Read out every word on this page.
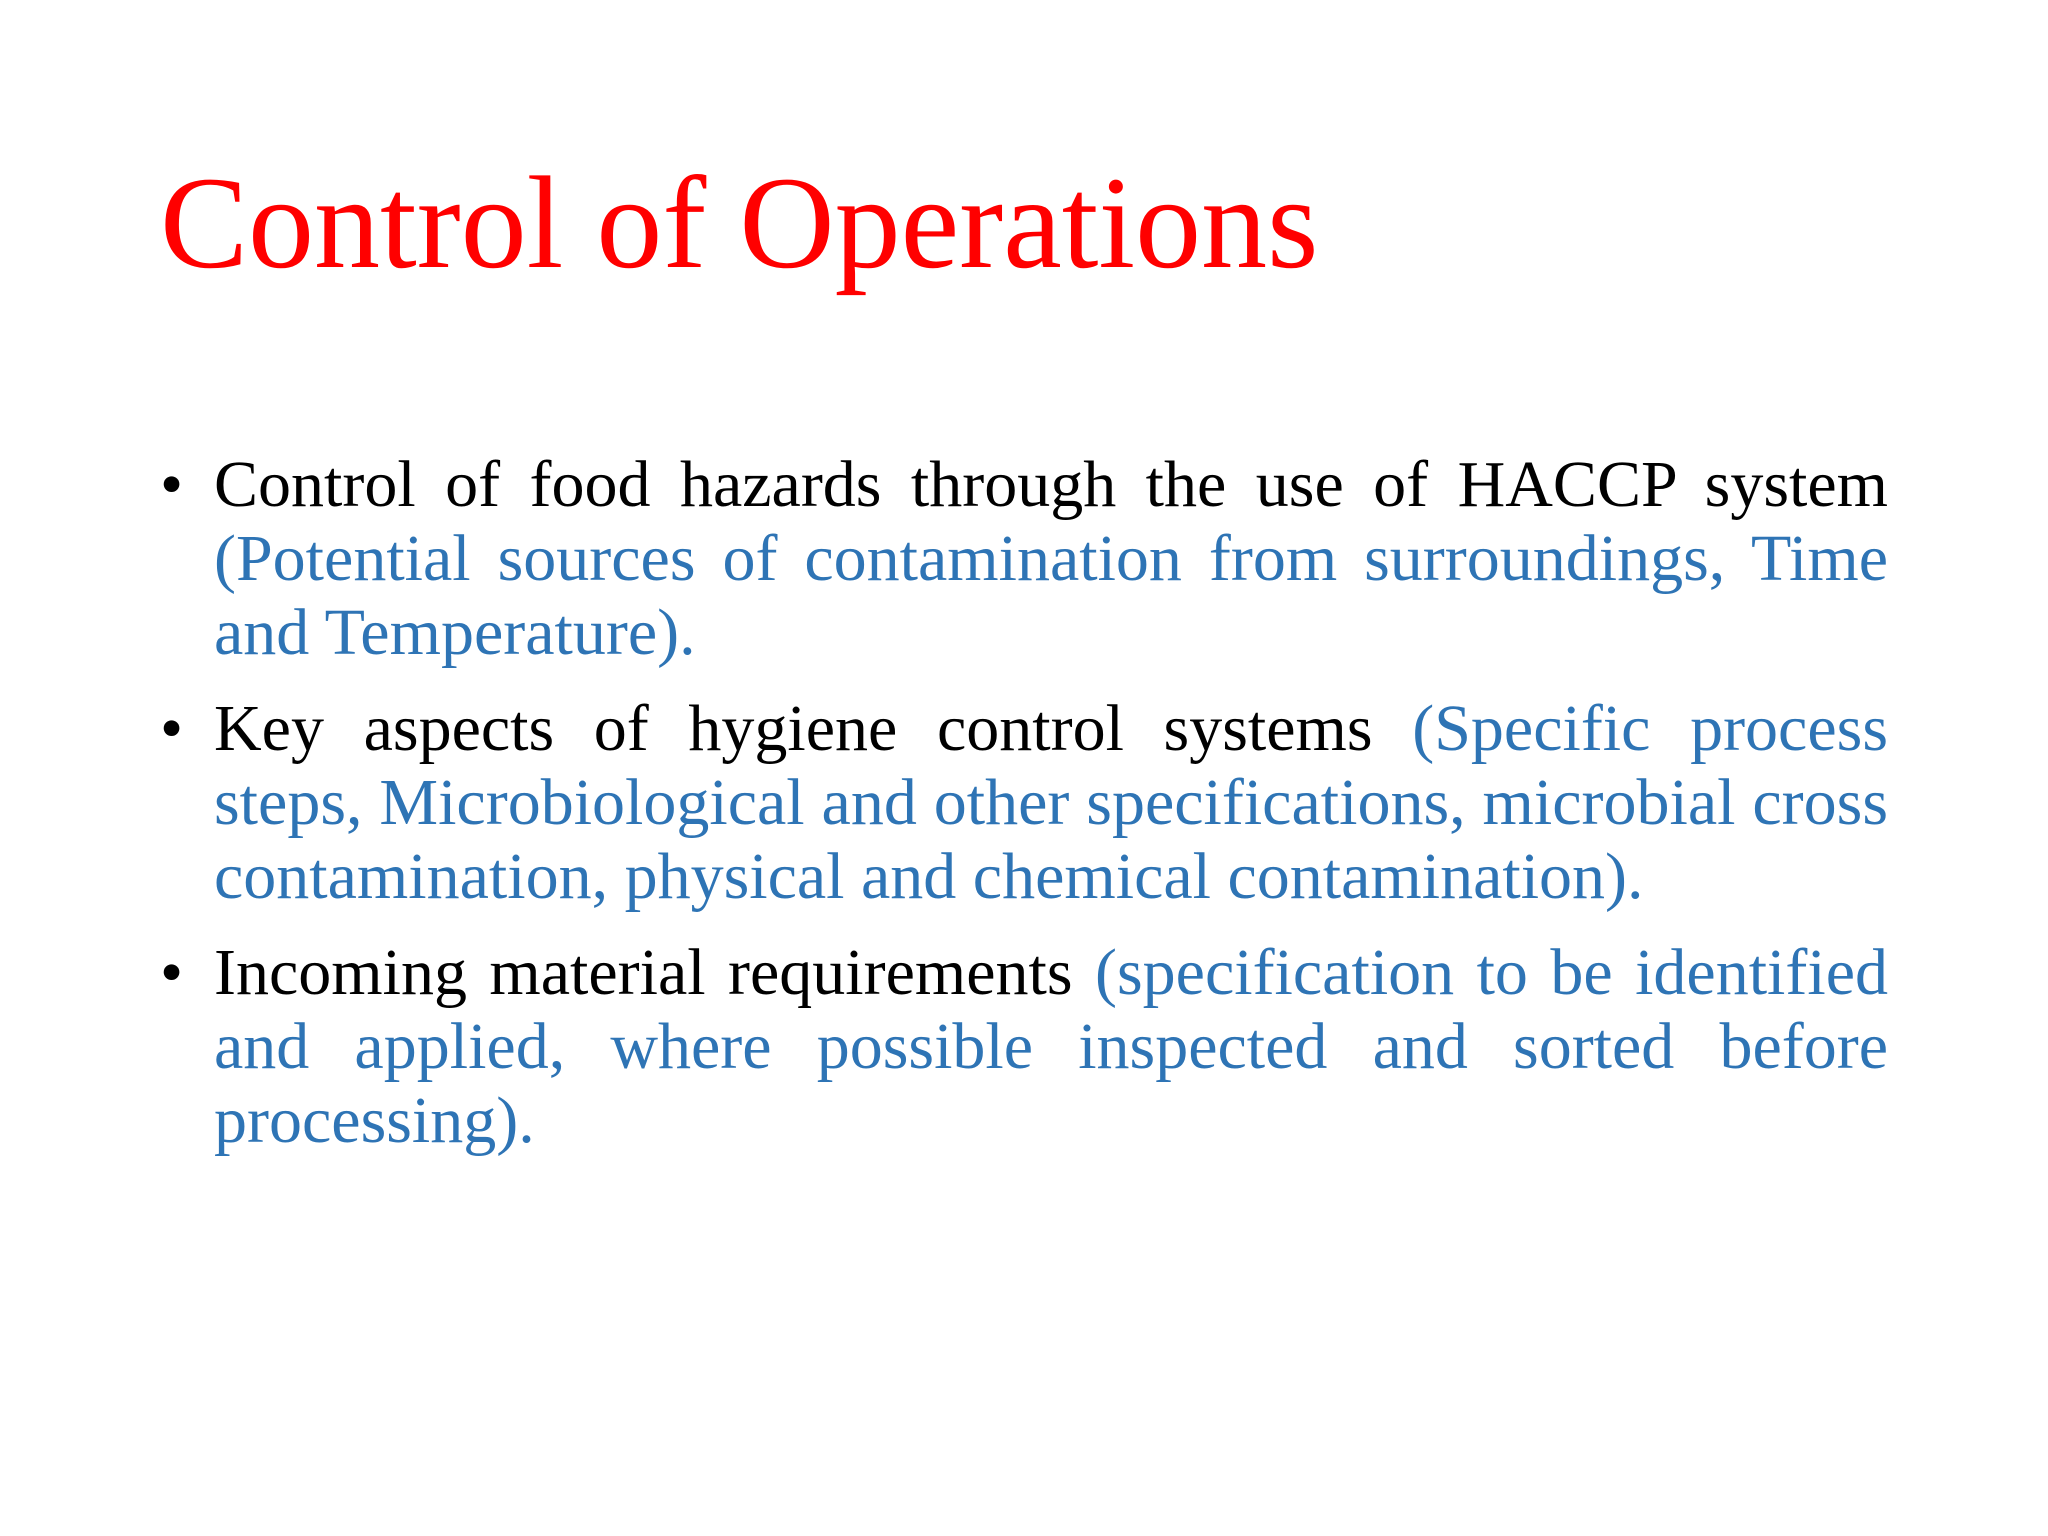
Control of Operations
• Control of food hazards through the use of HACCP system (Potential sources of contamination from surroundings, Time and Temperature).
• Key aspects of hygiene control systems (Specific process steps, Microbiological and other specifications, microbial cross contamination, physical and chemical contamination).
• Incoming material requirements (specification to be identified and applied, where possible inspected and sorted before processing).
